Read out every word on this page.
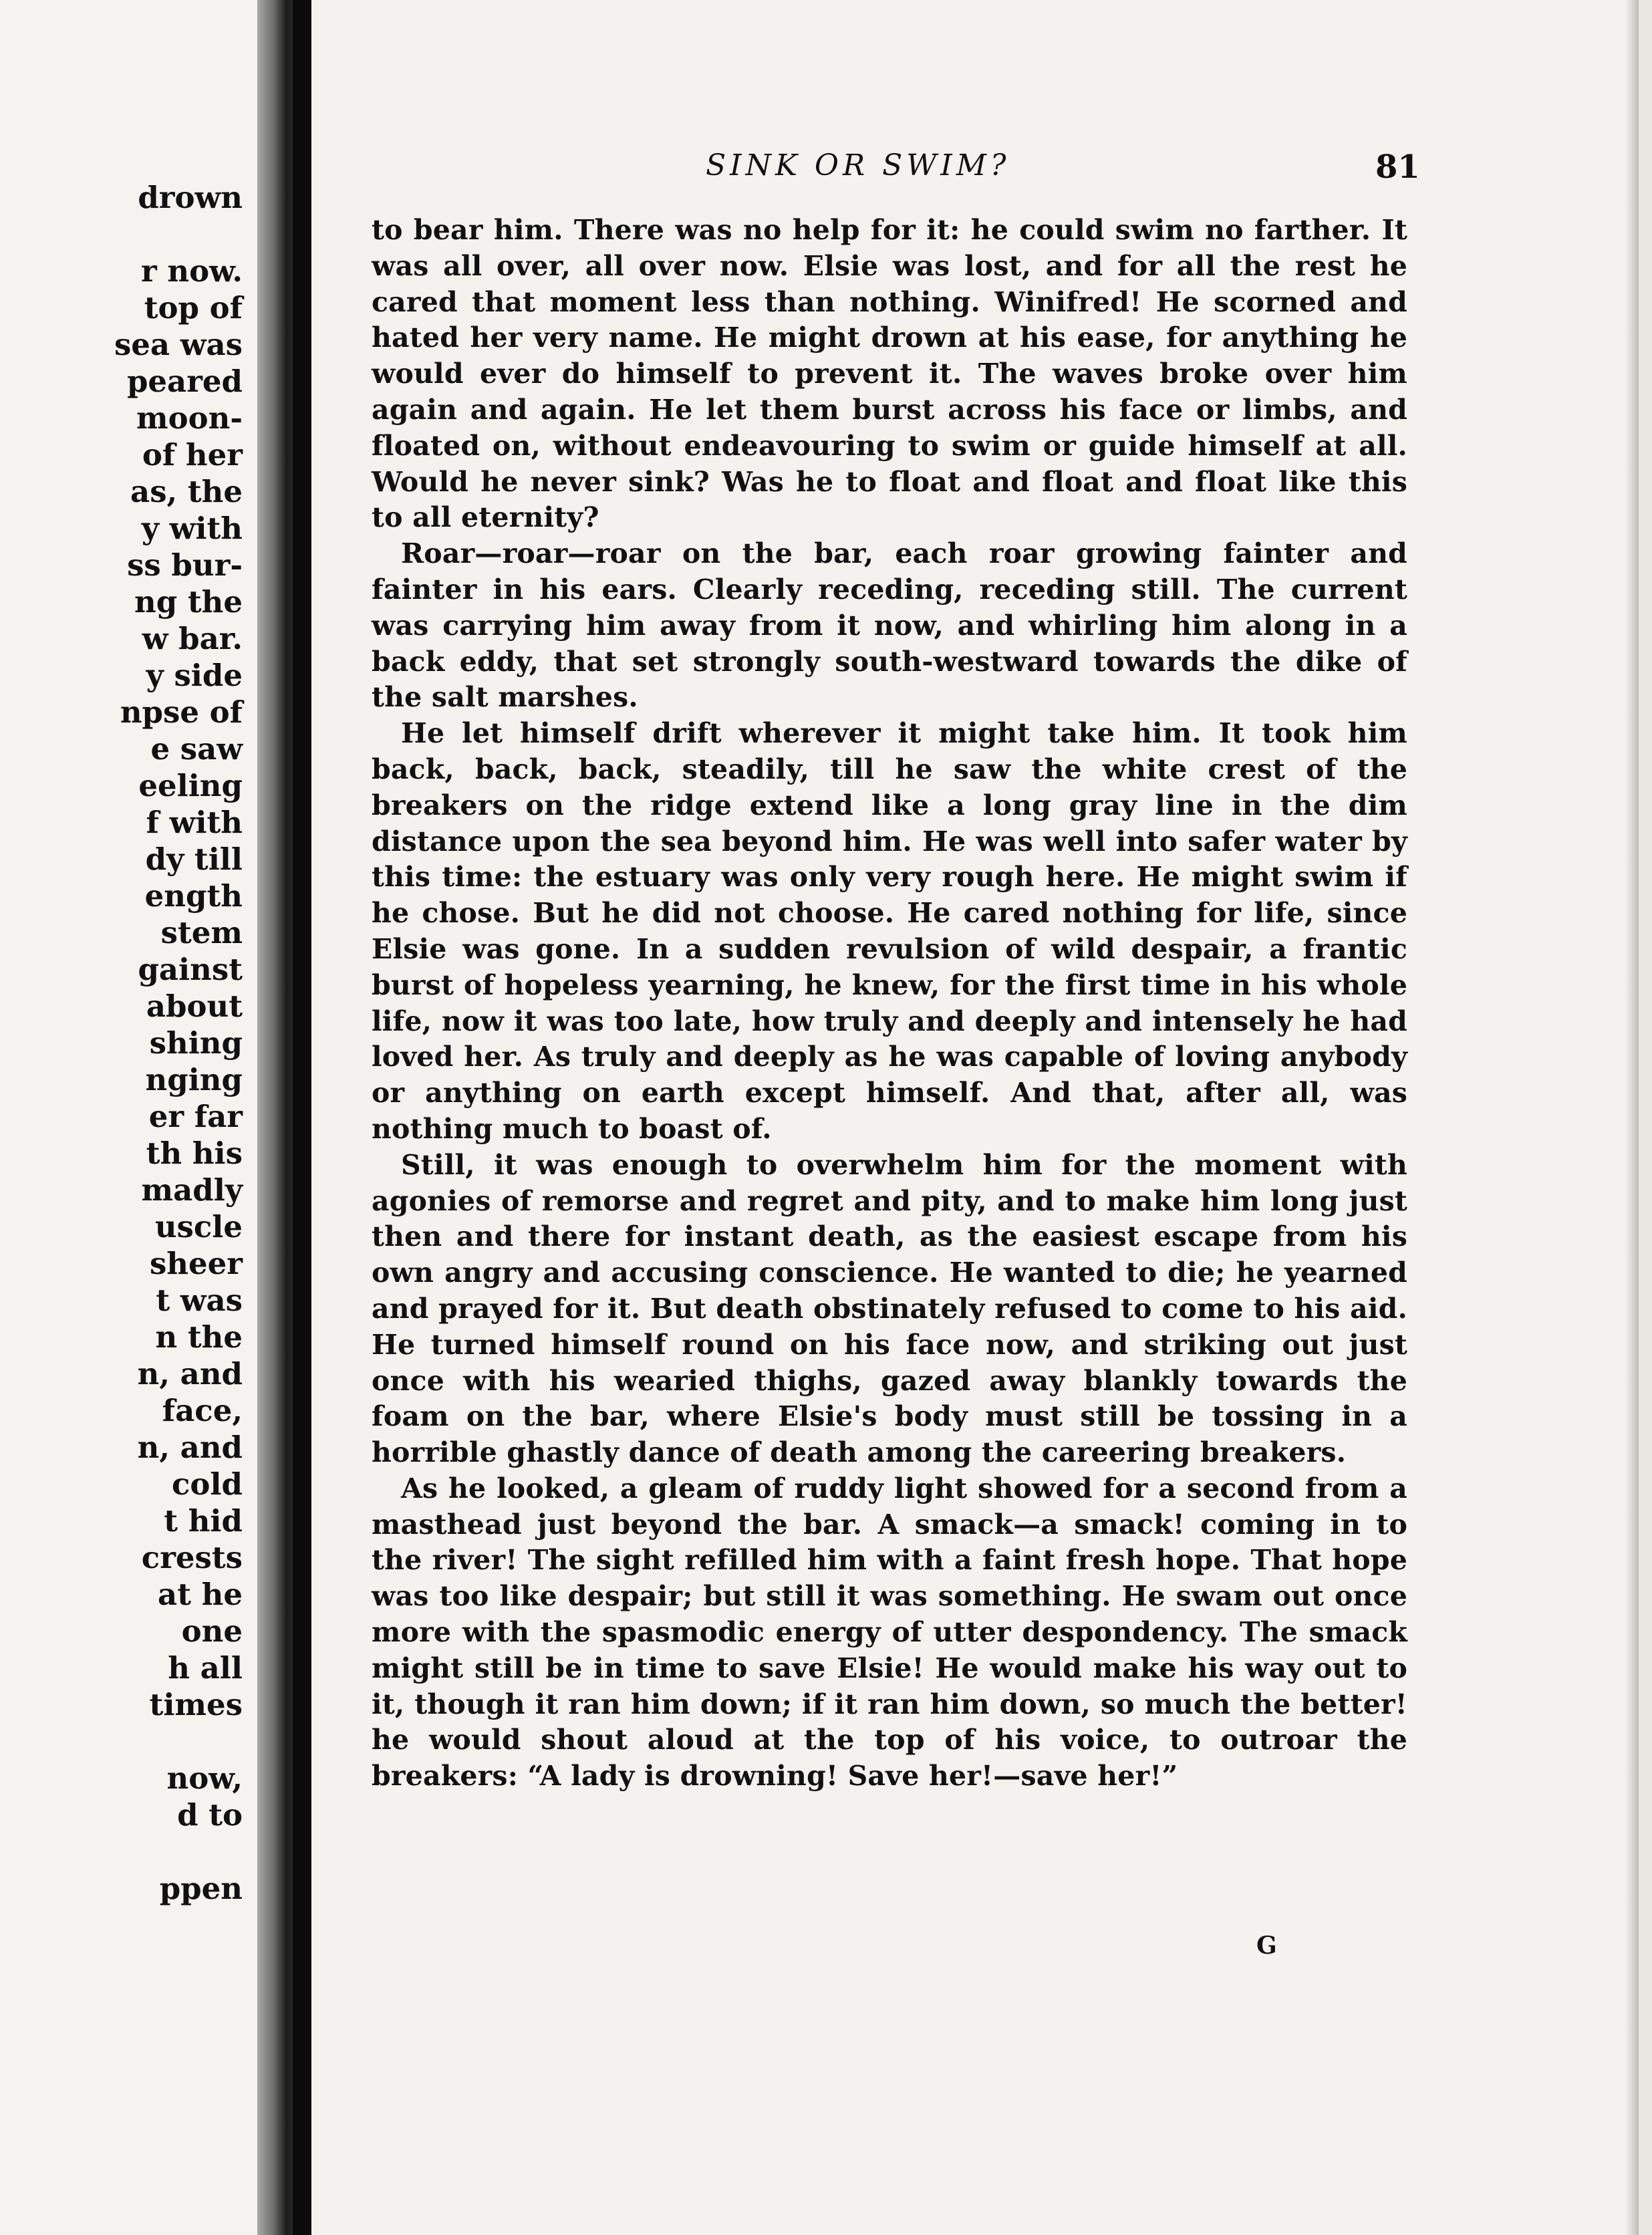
drown
r now.
top of
sea was
peared
moon-
of her
as, the
y with
ss bur-
ng the
w bar.
y side
npse of
e saw
eeling
f with
dy till
ength
stem
gainst
about
shing
nging
er far
th his
madly
uscle
sheer
t was
n the
n, and
face,
n, and
cold
t hid
crests
at he
one
h all
times
now,
d to
ppen
SINK OR SWIM?	81

to bear him. There was no help for it: he could swim no farther. It was all over, all over now. Elsie was lost, and for all the rest he cared that moment less than nothing. Winifred! He scorned and hated her very name. He might drown at his ease, for anything he would ever do himself to prevent it. The waves broke over him again and again. He let them burst across his face or limbs, and floated on, without endeavouring to swim or guide himself at all. Would he never sink? Was he to float and float and float like this to all eternity?

Roar—roar—roar on the bar, each roar growing fainter and fainter in his ears. Clearly receding, receding still. The current was carrying him away from it now, and whirling him along in a back eddy, that set strongly south-westward towards the dike of the salt marshes.

He let himself drift wherever it might take him. It took him back, back, back, steadily, till he saw the white crest of the breakers on the ridge extend like a long gray line in the dim distance upon the sea beyond him. He was well into safer water by this time: the estuary was only very rough here. He might swim if he chose. But he did not choose. He cared nothing for life, since Elsie was gone. In a sudden revulsion of wild despair, a frantic burst of hopeless yearning, he knew, for the first time in his whole life, now it was too late, how truly and deeply and intensely he had loved her. As truly and deeply as he was capable of loving anybody or anything on earth except himself. And that, after all, was nothing much to boast of.

Still, it was enough to overwhelm him for the moment with agonies of remorse and regret and pity, and to make him long just then and there for instant death, as the easiest escape from his own angry and accusing conscience. He wanted to die; he yearned and prayed for it. But death obstinately refused to come to his aid. He turned himself round on his face now, and striking out just once with his wearied thighs, gazed away blankly towards the foam on the bar, where Elsie's body must still be tossing in a horrible ghastly dance of death among the careering breakers.

As he looked, a gleam of ruddy light showed for a second from a masthead just beyond the bar. A smack—a smack! coming in to the river! The sight refilled him with a faint fresh hope. That hope was too like despair; but still it was something. He swam out once more with the spasmodic energy of utter despondency. The smack might still be in time to save Elsie! He would make his way out to it, though it ran him down; if it ran him down, so much the better! he would shout aloud at the top of his voice, to outroar the breakers: “A lady is drowning! Save her!—save her!”

G
